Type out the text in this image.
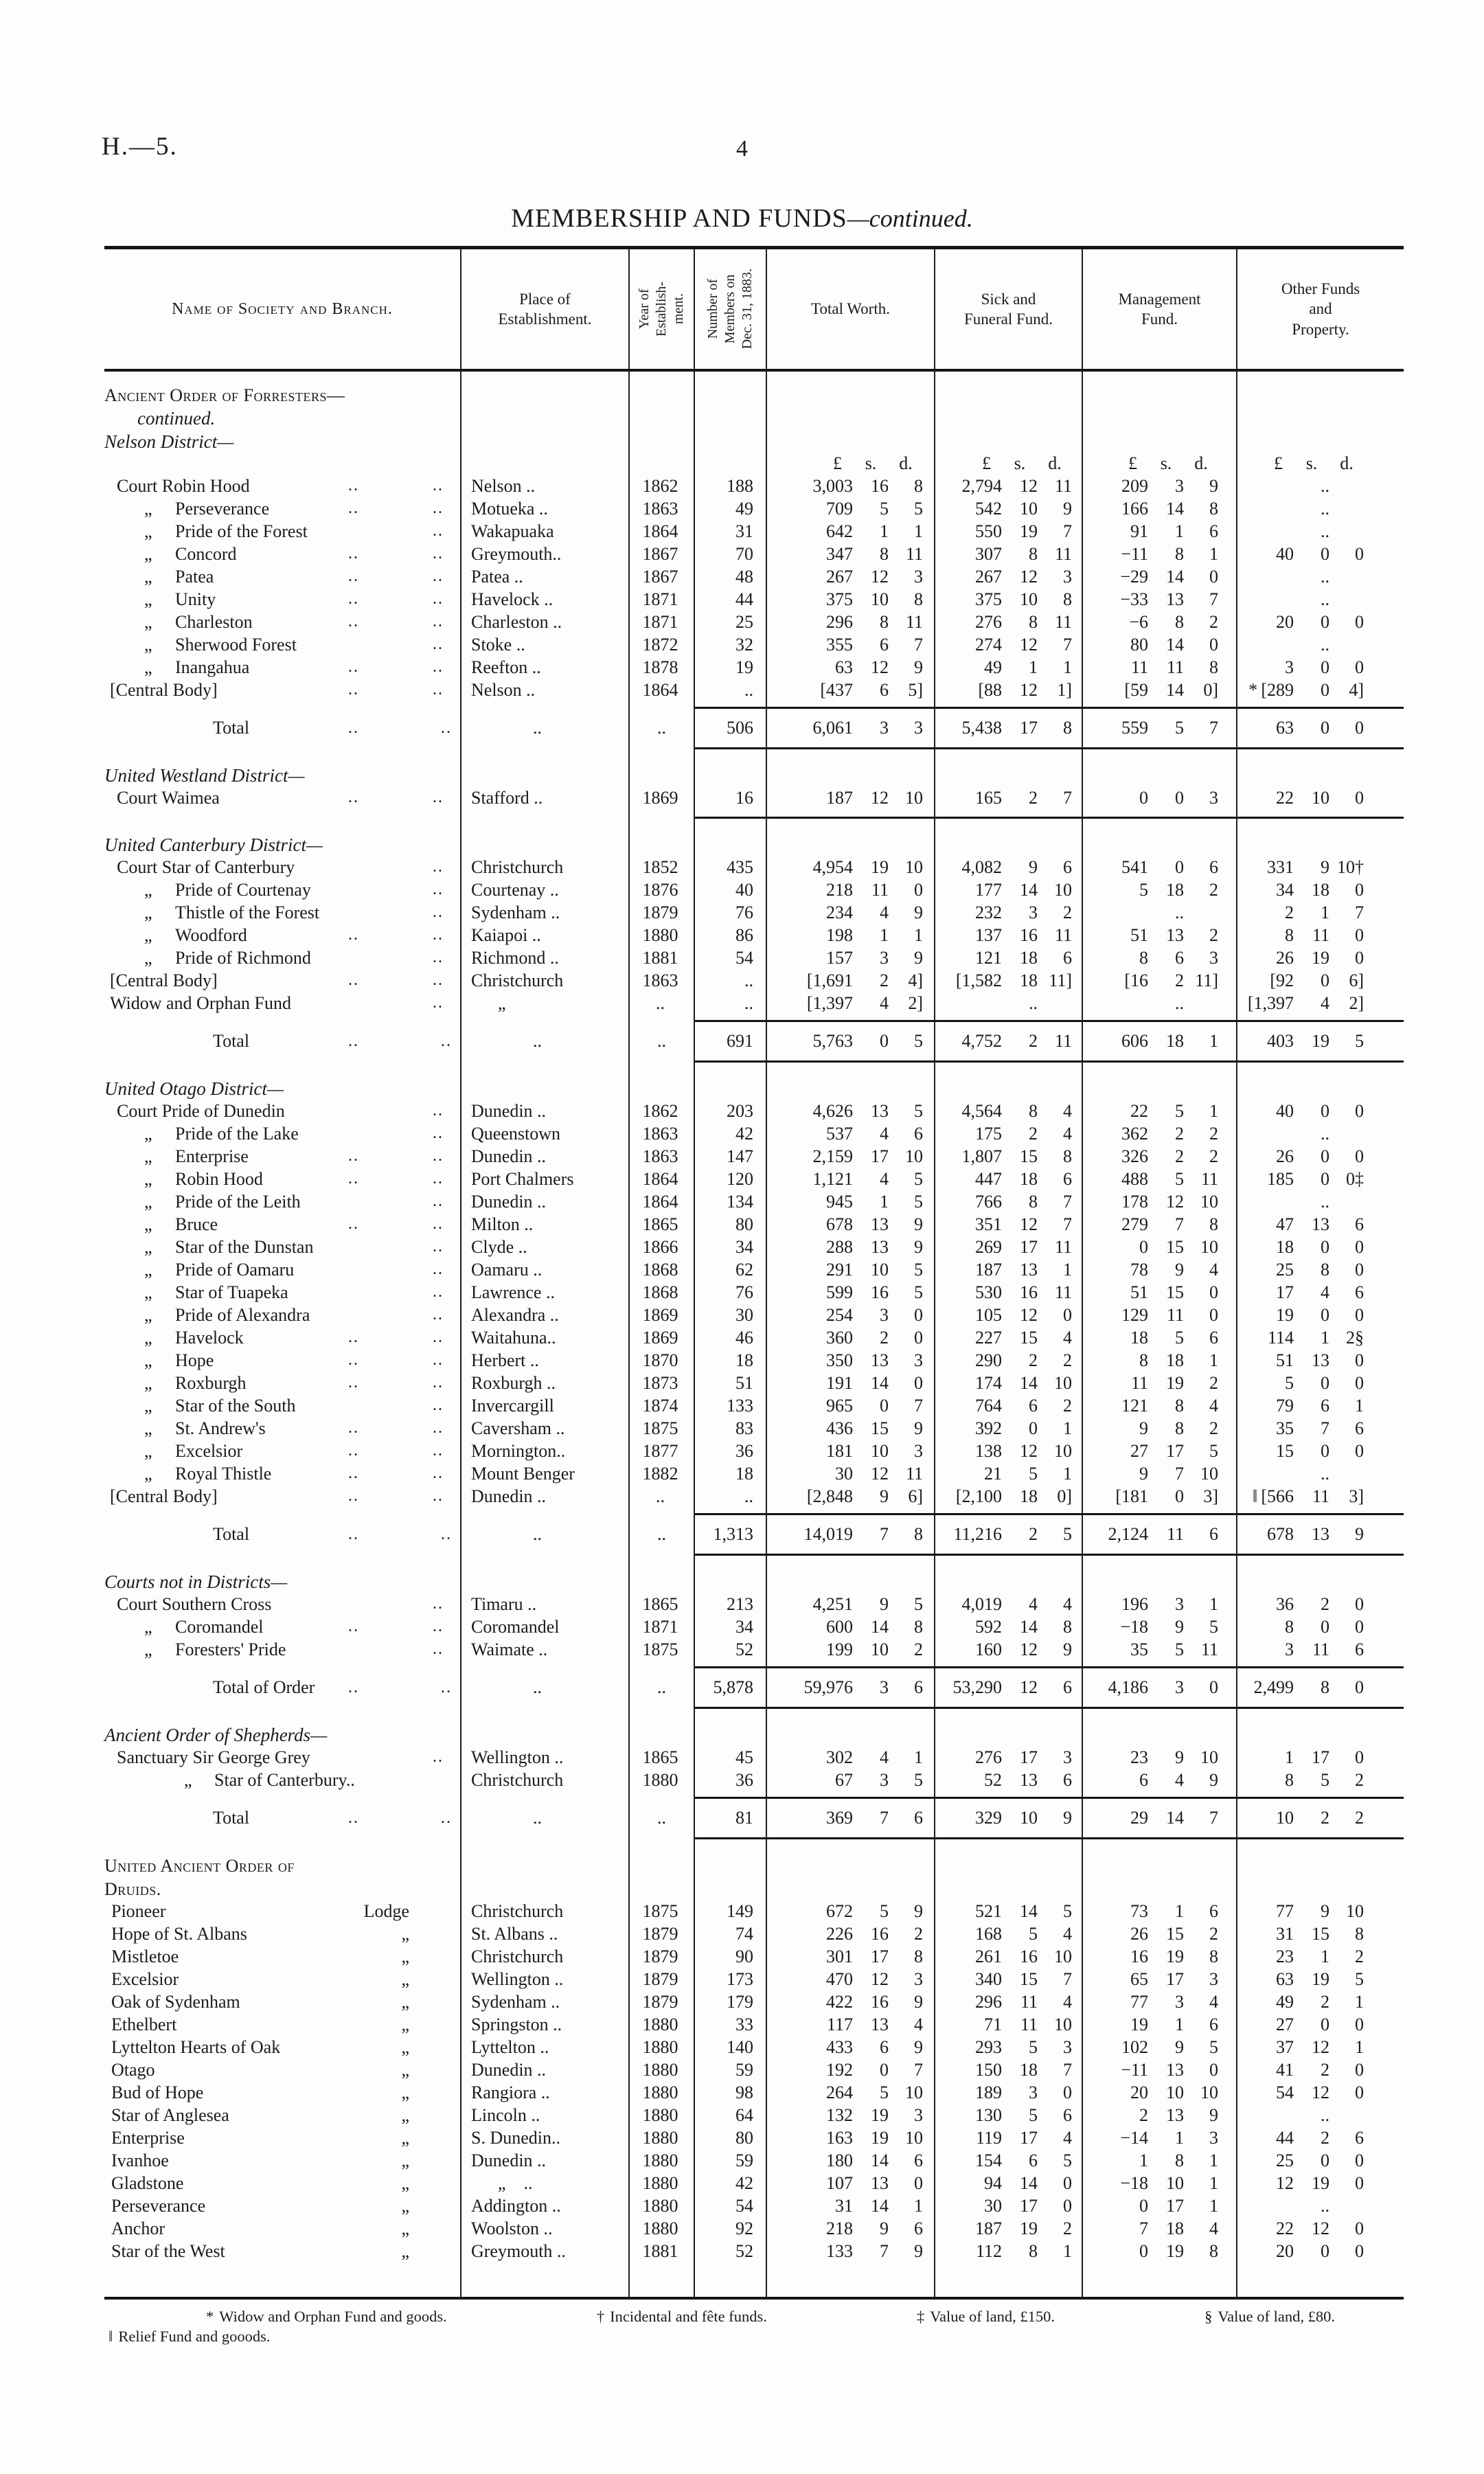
H.—5.	4
MEMBERSHIP AND FUNDS—continued.
Name of Society and Branch.
Place of
Establishment.	Year of Establish- ment. Number of Members on Dec. 31, 1883.	Total Worth.
Sick and
Funeral Fund.
Management
Fund.
Other Funds
and
Property.
Ancient Order of Forresters—
continued.
Nelson District—
£	s.	d.	£	s.	d.	£	s.	d.	£	s.	d.
Court Robin Hood	..	..	Nelson ..	1862	188	3,003	16	8	2,794	12 11	209	3	9	..
„ Perseverance	..	..	Motueka ..	1863	49	709	5	5	542	10	9	166	14	8	..
„ Pride of the Forest	..	Wakapuaka	1864	31	642	1	1	550	19	7	91	1	6	..
„ Concord	..	..	Greymouth..	1867	70	347	8 11	307	8 11	−11	8	1	40	0	0
„ Patea	..	..	Patea ..	1867	48	267	12	3	267	12	3	−29	14	0	..
„ Unity	..	..	Havelock ..	1871	44	375	10	8	375	10	8	−33	13	7	..
„ Charleston	..	..	Charleston ..	1871	25	296	8 11	276	8 11	−6	8	2	20	0	0
„ Sherwood Forest	..	Stoke ..	1872	32	355	6	7	274	12	7	80	14	0	..
„ Inangahua	..	..	Reefton ..	1878	19	63	12	9	49	1	1	11	11	8	3	0	0
[Central Body]	..	..	Nelson ..	1864	..	[437	6	5]	[88	12	1]	[59	14	0]	* [289	0	4]
Total	..	..	..	..	506	6,061	3	3	5,438	17	8	559	5	7	63	0	0
United Westland District—
Court Waimea	..	..	Stafford ..	1869	16	187	12 10	165	2	7	0	0	3	22	10	0
United Canterbury District—
Court Star of Canterbury	..	Christchurch	1852	435	4,954	19 10	4,082	9	6	541	0	6	331	9 10†
„ Pride of Courtenay	..	Courtenay ..	1876	40	218	11	0	177	14 10	5	18	2	34	18	0
„ Thistle of the Forest	..	Sydenham ..	1879	76	234	4	9	232	3	2	..	2	1	7
„ Woodford	..	..	Kaiapoi ..	1880	86	198	1	1	137	16 11	51	13	2	8	11	0
„ Pride of Richmond	..	Richmond ..	1881	54	157	3	9	121	18	6	8	6	3	26	19	0
[Central Body]	..	..	Christchurch	1863	..	[1,691	2	4]	[1,582	18 11]	[16	2 11]	[92	0	6]
Widow and Orphan Fund	..	  „	..	..	[1,397	4	2]	..	..	[1,397	4	2]
Total	..	..	..	..	691	5,763	0	5	4,752	2 11	606	18	1	403	19	5
United Otago District—
Court Pride of Dunedin	..	Dunedin ..	1862	203	4,626	13	5	4,564	8	4	22	5	1	40	0	0
„ Pride of the Lake	..	Queenstown	1863	42	537	4	6	175	2	4	362	2	2	..
„ Enterprise	..	..	Dunedin ..	1863	147	2,159	17 10	1,807	15	8	326	2	2	26	0	0
„ Robin Hood	..	..	Port Chalmers	1864	120	1,121	4	5	447	18	6	488	5 11	185	0 0‡
„ Pride of the Leith	..	Dunedin ..	1864	134	945	1	5	766	8	7	178	12 10	..
„ Bruce	..	..	Milton ..	1865	80	678	13	9	351	12	7	279	7	8	47	13	6
„ Star of the Dunstan	..	Clyde ..	1866	34	288	13	9	269	17 11	0	15 10	18	0	0
„ Pride of Oamaru	..	Oamaru ..	1868	62	291	10	5	187	13	1	78	9	4	25	8	0
„ Star of Tuapeka	..	Lawrence ..	1868	76	599	16	5	530	16 11	51	15	0	17	4	6
„ Pride of Alexandra	..	Alexandra ..	1869	30	254	3	0	105	12	0	129	11	0	19	0	0
„ Havelock	..	..	Waitahuna..	1869	46	360	2	0	227	15	4	18	5	6	114	1 2§
„ Hope	..	..	Herbert ..	1870	18	350	13	3	290	2	2	8	18	1	51	13	0
„ Roxburgh	..	..	Roxburgh ..	1873	51	191	14	0	174	14 10	11	19	2	5	0	0
„ Star of the South	..	Invercargill	1874	133	965	0	7	764	6	2	121	8	4	79	6	1
„ St. Andrew's	..	..	Caversham ..	1875	83	436	15	9	392	0	1	9	8	2	35	7	6
„ Excelsior	..	..	Mornington..	1877	36	181	10	3	138	12 10	27	17	5	15	0	0
„ Royal Thistle	..	..	Mount Benger	1882	18	30	12 11	21	5	1	9	7 10	..
[Central Body]	..	..	Dunedin ..	..	..	[2,848	9	6]	[2,100	18	0]	[181	0	3]	‖ [566	11	3]
Total	..	..	..	..	1,313	14,019	7	8	11,216	2	5	2,124	11	6	678	13	9
Courts not in Districts—
Court Southern Cross	..	Timaru ..	1865	213	4,251	9	5	4,019	4	4	196	3	1	36	2	0
„ Coromandel	..	..	Coromandel	1871	34	600	14	8	592	14	8	−18	9	5	8	0	0
„ Foresters' Pride	..	Waimate ..	1875	52	199	10	2	160	12	9	35	5 11	3	11	6
Total of Order ..	..	..	..	5,878	59,976	3	6	53,290	12	6	4,186	3	0	2,499	8	0
Ancient Order of Shepherds—
Sanctuary Sir George Grey	..	Wellington ..	1865	45	302	4	1	276	17	3	23	9 10	1	17	0
„ Star of Canterbury..	Christchurch	1880	36	67	3	5	52	13	6	6	4	9	8	5	2
Total	..	..	..	..	81	369	7	6	329	10	9	29	14	7	10	2	2
United Ancient Order of
Druids.
Pioneer	Lodge	Christchurch	1875	149	672	5	9	521	14	5	73	1	6	77	9 10
Hope of St. Albans	„	St. Albans ..	1879	74	226	16	2	168	5	4	26	15	2	31	15	8
Mistletoe	„	Christchurch	1879	90	301	17	8	261	16 10	16	19	8	23	1	2
Excelsior	„	Wellington ..	1879	173	470	12	3	340	15	7	65	17	3	63	19	5
Oak of Sydenham	„	Sydenham ..	1879	179	422	16	9	296	11	4	77	3	4	49	2	1
Ethelbert	„	Springston ..	1880	33	117	13	4	71	11 10	19	1	6	27	0	0
Lyttelton Hearts of Oak	„	Lyttelton ..	1880	140	433	6	9	293	5	3	102	9	5	37	12	1
Otago	„	Dunedin ..	1880	59	192	0	7	150	18	7	−11	13	0	41	2	0
Bud of Hope	„	Rangiora ..	1880	98	264	5 10	189	3	0	20	10 10	54	12	0
Star of Anglesea	„	Lincoln ..	1880	64	132	19	3	130	5	6	2	13	9	..
Enterprise	„	S. Dunedin..	1880	80	163	19 10	119	17	4	−14	1	3	44	2	6
Ivanhoe	„	Dunedin ..	1880	59	180	14	6	154	6	5	1	8	1	25	0	0
Gladstone	„	  „ ..	1880	42	107	13	0	94	14	0	−18	10	1	12	19	0
Perseverance	„	Addington ..	1880	54	31	14	1	30	17	0	0	17	1	..
Anchor	„	Woolston ..	1880	92	218	9	6	187	19	2	7	18	4	22	12	0
Star of the West	„	Greymouth ..	1881	52	133	7	9	112	8	1	0	19	8	20	0	0
* Widow and Orphan Fund and goods.	† Incidental and fête funds.	‡ Value of land, £150.	§ Value of land, £80.
‖ Relief Fund and gooods.
